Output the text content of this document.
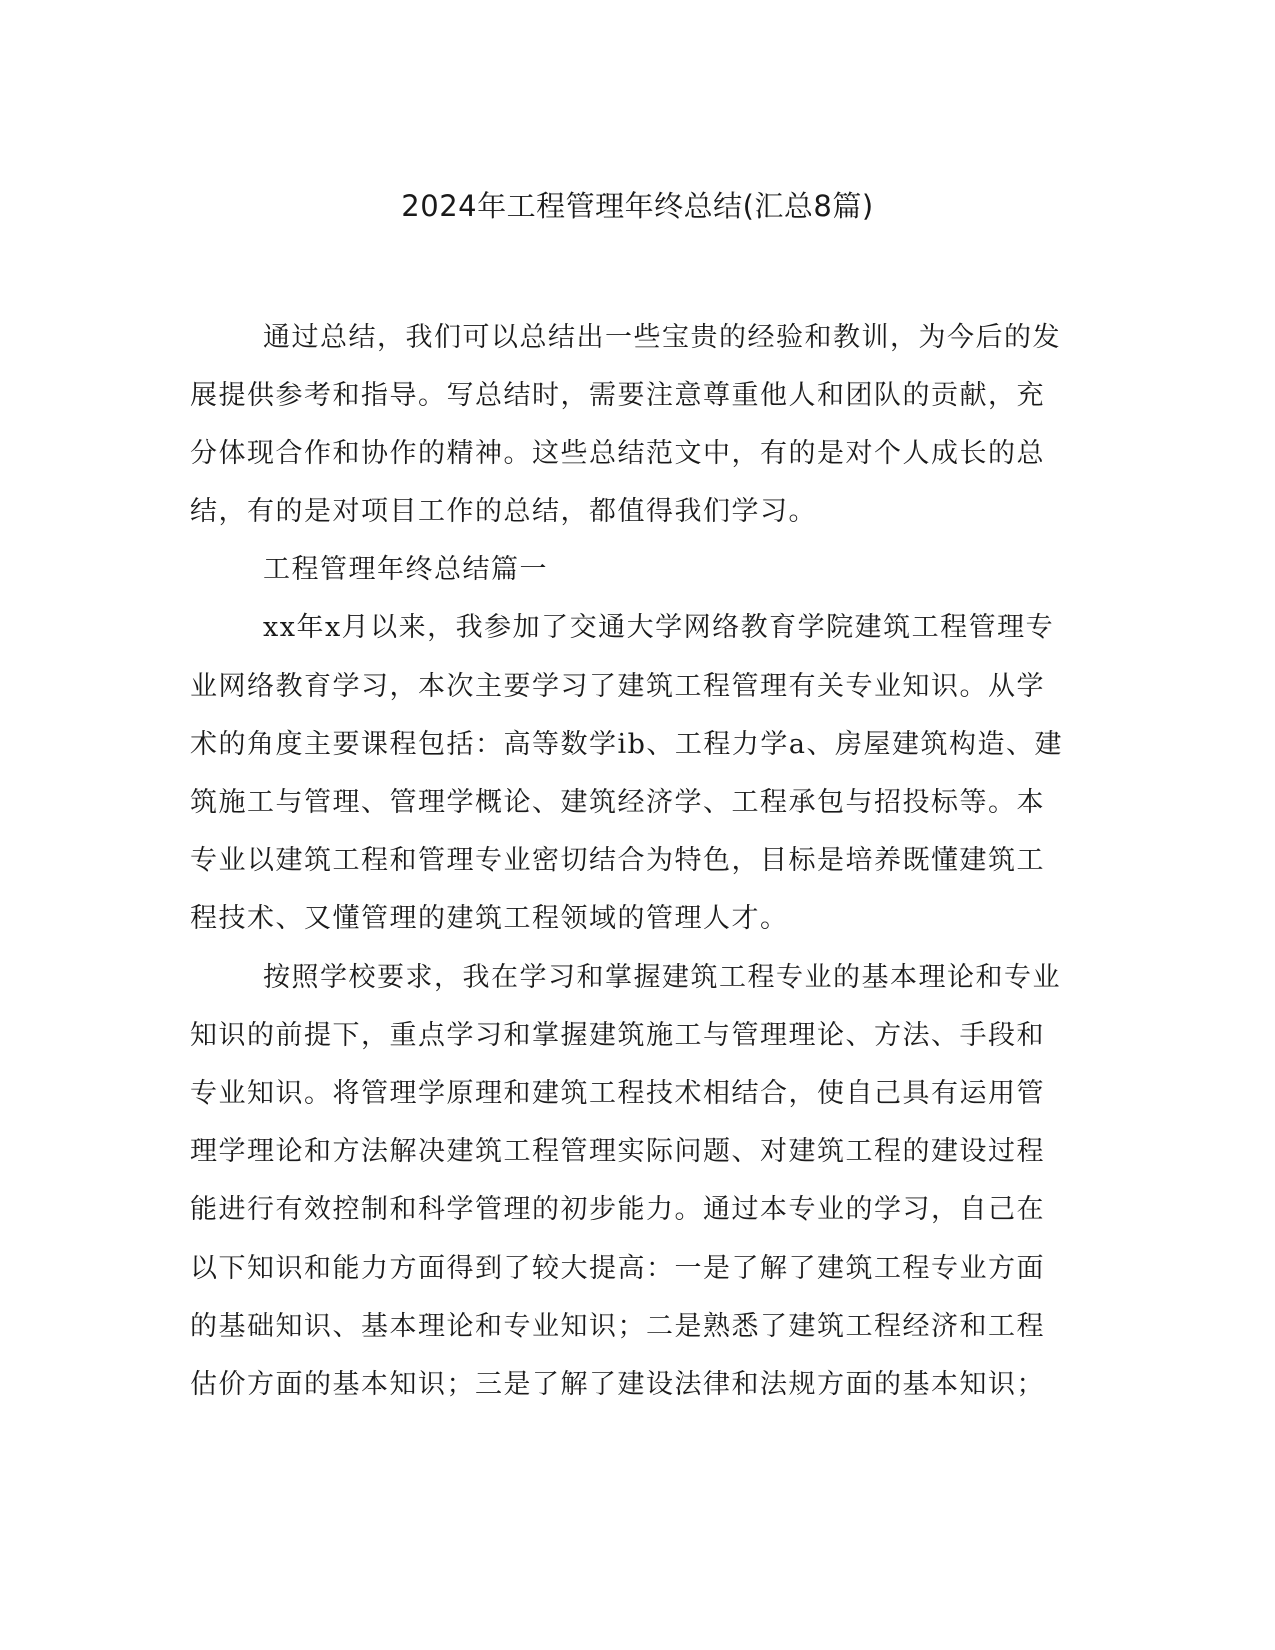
2024年工程管理年终总结(汇总8篇)

通过总结，我们可以总结出一些宝贵的经验和教训，为今后的发

展提供参考和指导。写总结时，需要注意尊重他人和团队的贡献，充

分体现合作和协作的精神。这些总结范文中，有的是对个人成长的总

结，有的是对项目工作的总结，都值得我们学习。

工程管理年终总结篇一

xx年x月以来，我参加了交通大学网络教育学院建筑工程管理专

业网络教育学习，本次主要学习了建筑工程管理有关专业知识。从学

术的角度主要课程包括：高等数学ib、工程力学a、房屋建筑构造、建

筑施工与管理、管理学概论、建筑经济学、工程承包与招投标等。本

专业以建筑工程和管理专业密切结合为特色，目标是培养既懂建筑工

程技术、又懂管理的建筑工程领域的管理人才。

按照学校要求，我在学习和掌握建筑工程专业的基本理论和专业

知识的前提下，重点学习和掌握建筑施工与管理理论、方法、手段和

专业知识。将管理学原理和建筑工程技术相结合，使自己具有运用管

理学理论和方法解决建筑工程管理实际问题、对建筑工程的建设过程

能进行有效控制和科学管理的初步能力。通过本专业的学习，自己在

以下知识和能力方面得到了较大提高：一是了解了建筑工程专业方面

的基础知识、基本理论和专业知识；二是熟悉了建筑工程经济和工程

估价方面的基本知识；三是了解了建设法律和法规方面的基本知识；
